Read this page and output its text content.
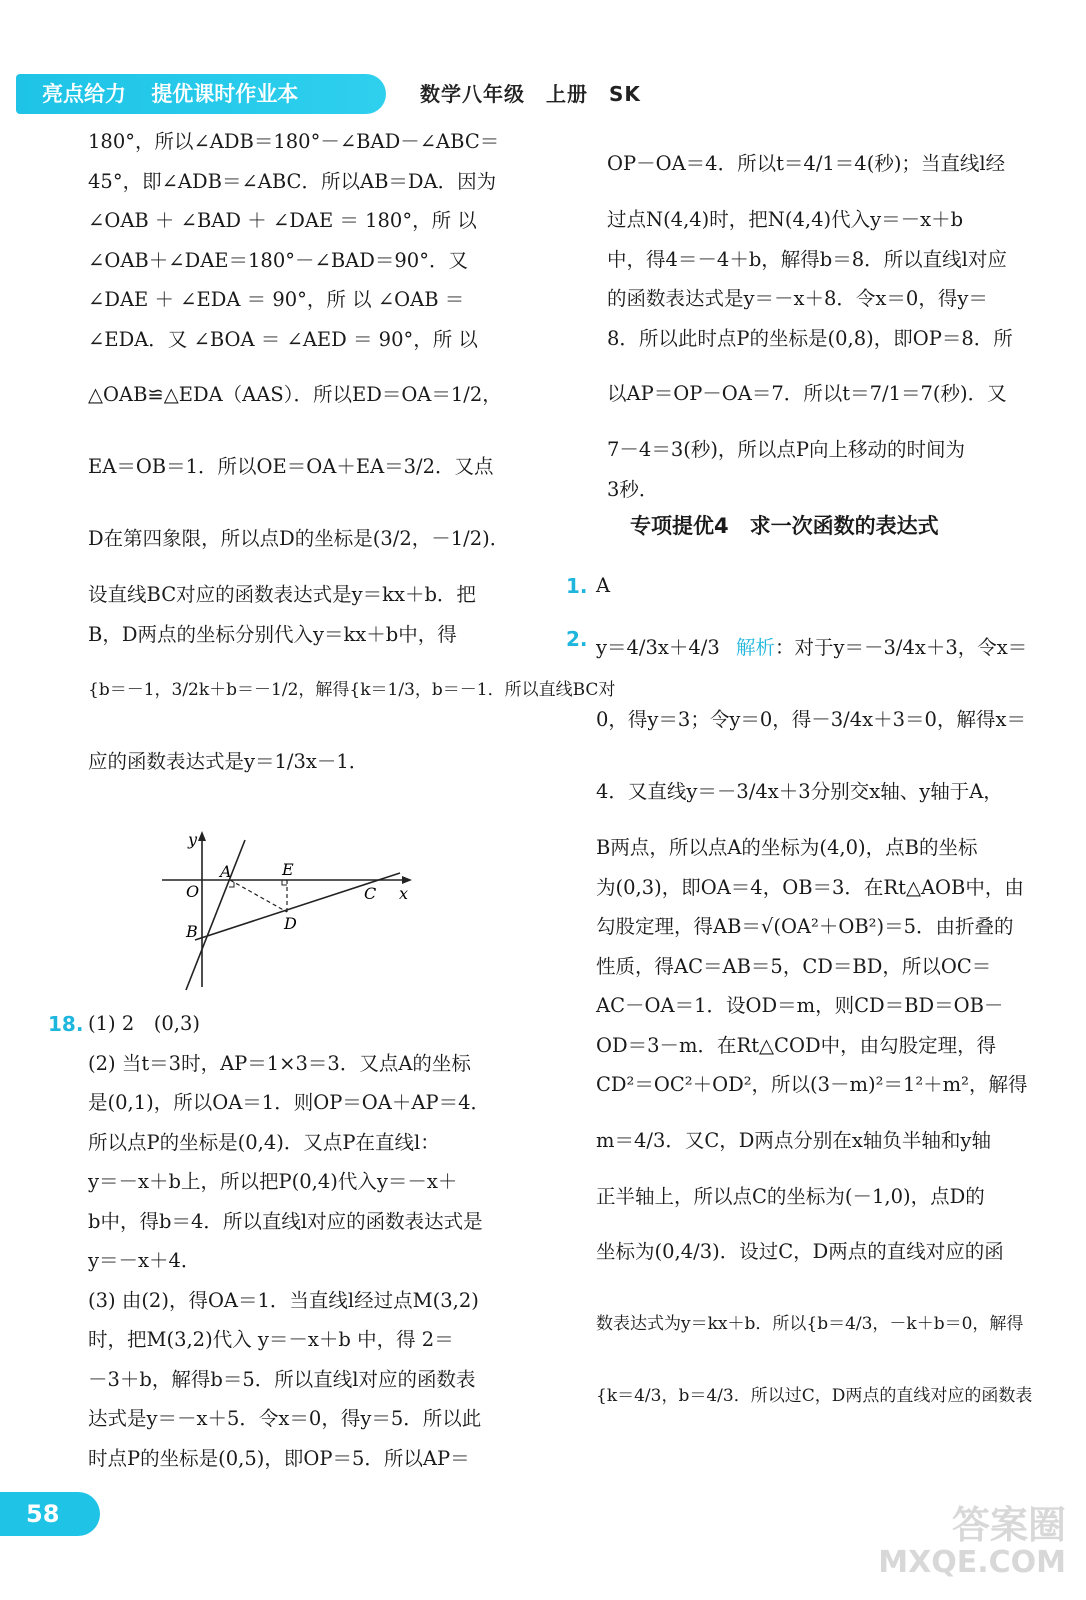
亮点给力 提优课时作业本	数学八年级　上册　SK
180°，所以∠ADB＝180°－∠BAD－∠ABC＝
45°，即∠ADB＝∠ABC．所以AB＝DA．因为
∠OAB ＋ ∠BAD ＋ ∠DAE ＝ 180°，所 以
∠OAB＋∠DAE＝180°－∠BAD＝90°．又
∠DAE ＋ ∠EDA ＝ 90°，所 以 ∠OAB ＝
∠EDA．又 ∠BOA ＝ ∠AED ＝ 90°，所 以
△OAB≌△EDA（AAS）．所以ED＝OA＝1/2，
EA＝OB＝1．所以OE＝OA＋EA＝3/2．又点
D在第四象限，所以点D的坐标是(3/2，－1/2)．
设直线BC对应的函数表达式是y＝kx＋b．把
B，D两点的坐标分别代入y＝kx＋b中，得
{b＝－1，3/2k＋b＝－1/2，解得{k＝1/3，b＝－1．所以直线BC对
应的函数表达式是y＝1/3x－1．
y
A	E
O	C x
D
B
18. (1) 2　(0,3)
(2) 当t＝3时，AP＝1×3＝3．又点A的坐标
是(0,1)，所以OA＝1．则OP＝OA＋AP＝4．
所以点P的坐标是(0,4)．又点P在直线l：
y＝－x＋b上，所以把P(0,4)代入y＝－x＋
b中，得b＝4．所以直线l对应的函数表达式是
y＝－x＋4．
(3) 由(2)，得OA＝1．当直线l经过点M(3,2)
时，把M(3,2)代入 y＝－x＋b 中，得 2＝
－3＋b，解得b＝5．所以直线l对应的函数表
达式是y＝－x＋5．令x＝0，得y＝5．所以此
时点P的坐标是(0,5)，即OP＝5．所以AP＝
OP－OA＝4．所以t＝4/1＝4(秒)；当直线l经
过点N(4,4)时，把N(4,4)代入y＝－x＋b
中，得4＝－4＋b，解得b＝8．所以直线l对应
的函数表达式是y＝－x＋8．令x＝0，得y＝
8．所以此时点P的坐标是(0,8)，即OP＝8．所
以AP＝OP－OA＝7．所以t＝7/1＝7(秒)．又
7－4＝3(秒)，所以点P向上移动的时间为
3秒．
专项提优4　求一次函数的表达式
1. A
2. y＝4/3x＋4/3 解析：对于y＝－3/4x＋3，令x＝
0，得y＝3；令y＝0，得－3/4x＋3＝0，解得x＝
4．又直线y＝－3/4x＋3分别交x轴、y轴于A，
B两点，所以点A的坐标为(4,0)，点B的坐标
为(0,3)，即OA＝4，OB＝3．在Rt△AOB中，由
勾股定理，得AB＝√(OA²＋OB²)＝5．由折叠的
性质，得AC＝AB＝5，CD＝BD，所以OC＝
AC－OA＝1．设OD＝m，则CD＝BD＝OB－
OD＝3－m．在Rt△COD中，由勾股定理，得
CD²＝OC²＋OD²，所以(3－m)²＝1²＋m²，解得
m＝4/3．又C，D两点分别在x轴负半轴和y轴
正半轴上，所以点C的坐标为(－1,0)，点D的
坐标为(0,4/3)．设过C，D两点的直线对应的函
数表达式为y＝kx＋b．所以{b＝4/3，－k＋b＝0，解得
{k＝4/3，b＝4/3．所以过C，D两点的直线对应的函数表
58	答案圈
MXQE.COM
